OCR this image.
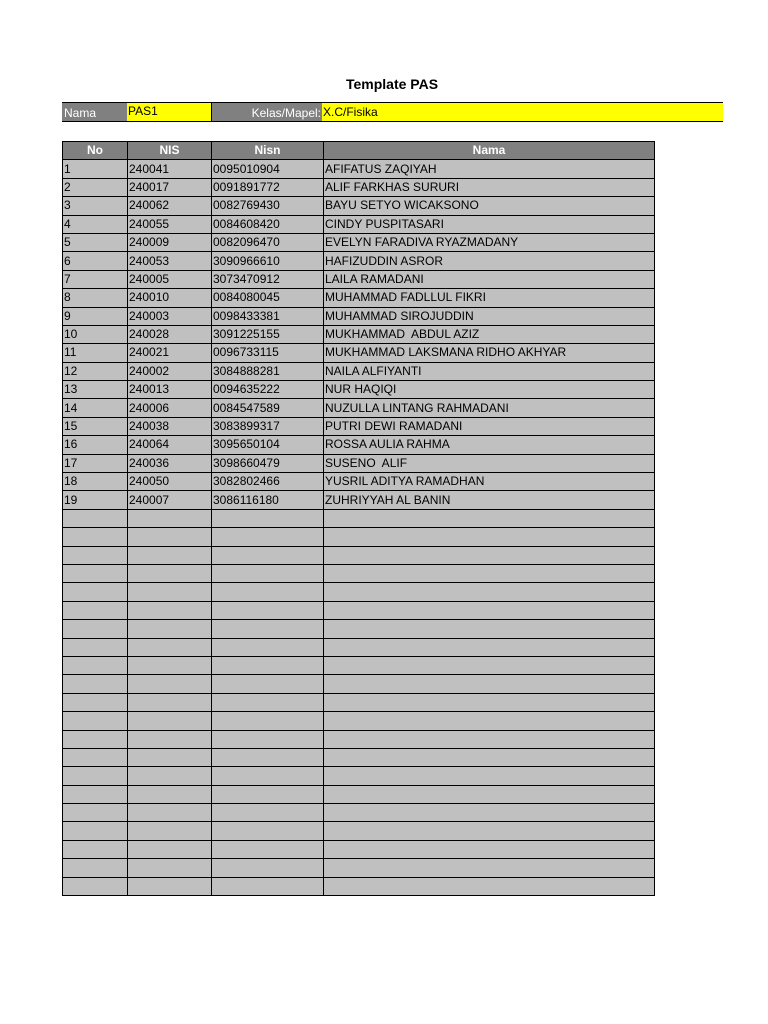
Template PAS
Nama	PAS1	Kelas/Mapel: X.C/Fisika
No	NIS	Nisn	Nama
1	240041	0095010904	AFIFATUS ZAQIYAH
2	240017	0091891772	ALIF FARKHAS SURURI
3	240062	0082769430	BAYU SETYO WICAKSONO
4	240055	0084608420	CINDY PUSPITASARI
5	240009	0082096470	EVELYN FARADIVA RYAZMADANY
6	240053	3090966610	HAFIZUDDIN ASROR
7	240005	3073470912	LAILA RAMADANI
8	240010	0084080045	MUHAMMAD FADLLUL FIKRI
9	240003	0098433381	MUHAMMAD SIROJUDDIN
10	240028	3091225155	MUKHAMMAD  ABDUL AZIZ
11	240021	0096733115	MUKHAMMAD LAKSMANA RIDHO AKHYAR
12	240002	3084888281	NAILA ALFIYANTI
13	240013	0094635222	NUR HAQIQI
14	240006	0084547589	NUZULLA LINTANG RAHMADANI
15	240038	3083899317	PUTRI DEWI RAMADANI
16	240064	3095650104	ROSSA AULIA RAHMA
17	240036	3098660479	SUSENO  ALIF
18	240050	3082802466	YUSRIL ADITYA RAMADHAN
19	240007	3086116180	ZUHRIYYAH AL BANIN
